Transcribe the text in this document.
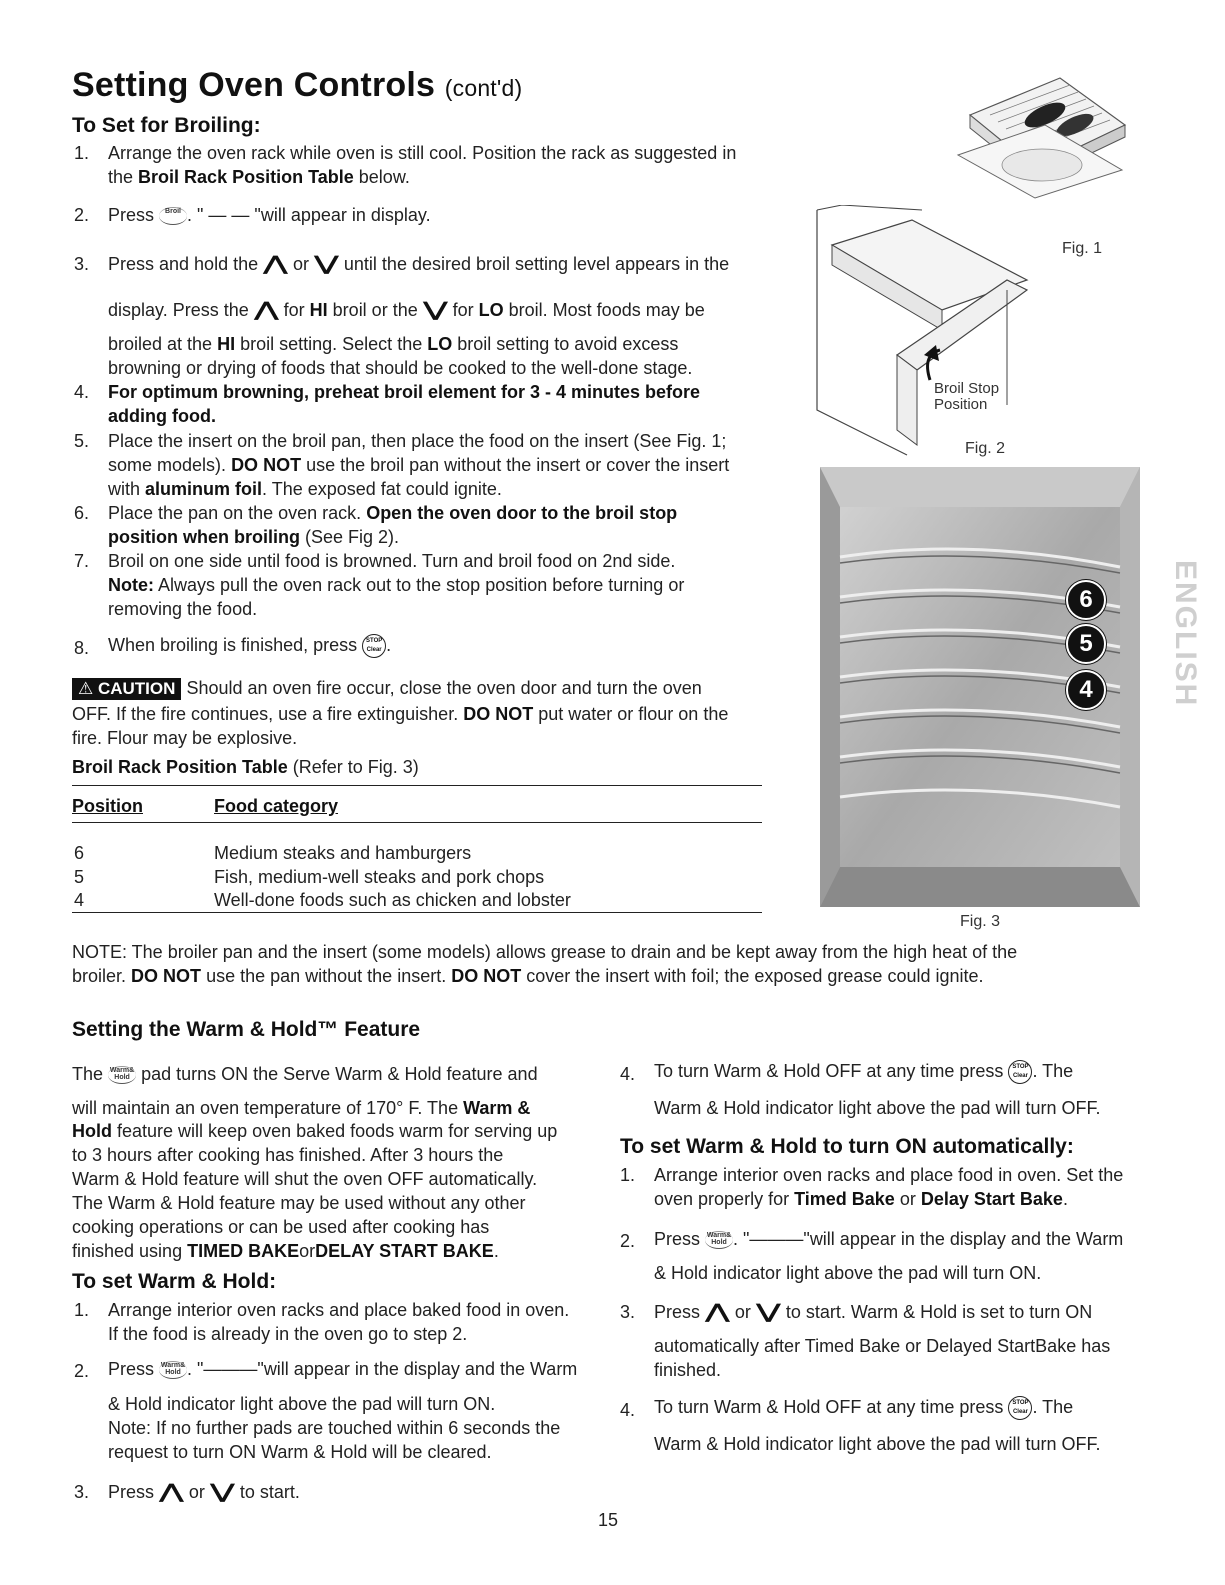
Setting Oven Controls (cont'd)
To Set for Broiling:
1. Arrange the oven rack while oven is still cool. Position the rack as suggested in
the Broil Rack Position Table below.
2. Press Broil . " — — "will appear in display.
3. Press and hold the ⋀ or ⋁ until the desired broil setting level appears in the
display. Press the ⋀ for HI broil or the ⋁ for LO broil. Most foods may be
broiled at the HI broil setting. Select the LO broil setting to avoid excess
browning or drying of foods that should be cooked to the well-done stage.
4. For optimum browning, preheat broil element for 3 - 4 minutes before
adding food.
5. Place the insert on the broil pan, then place the food on the insert (See Fig. 1;
some models). DO NOT use the broil pan without the insert or cover the insert
with aluminum foil. The exposed fat could ignite.
6. Place the pan on the oven rack. Open the oven door to the broil stop
position when broiling (See Fig 2).
7. Broil on one side until food is browned. Turn and broil food on 2nd side.
Note: Always pull the oven rack out to the stop position before turning or
removing the food.
8. When broiling is finished, press STOP
Clear .
⚠ CAUTION Should an oven fire occur, close the oven door and turn the oven
OFF. If the fire continues, use a fire extinguisher. DO NOT put water or flour on the
fire. Flour may be explosive.
Broil Rack Position Table (Refer to Fig. 3)
Position	Food category
6	Medium steaks and hamburgers
5	Fish, medium-well steaks and pork chops
4	Well-done foods such as chicken and lobster
Fig. 1
Broil Stop
Position
Fig. 2
6
5
4
Fig. 3
ENGLISH
NOTE: The broiler pan and the insert (some models) allows grease to drain and be kept away from the high heat of the
broiler. DO NOT use the pan without the insert. DO NOT cover the insert with foil; the exposed grease could ignite.
Setting the Warm & Hold™ Feature
The Warm&
Hold pad turns ON the Serve Warm & Hold feature and
will maintain an oven temperature of 170° F. The Warm &
Hold feature will keep oven baked foods warm for serving up
to 3 hours after cooking has finished. After 3 hours the
Warm & Hold feature will shut the oven OFF automatically.
The Warm & Hold feature may be used without any other
cooking operations or can be used after cooking has
finished using TIMED BAKEorDELAY START BAKE.
To set Warm & Hold:
1. Arrange interior oven racks and place baked food in oven.
If the food is already in the oven go to step 2.
2. Press Warm&
Hold . "———"will appear in the display and the Warm
& Hold indicator light above the pad will turn ON.
Note: If no further pads are touched within 6 seconds the
request to turn ON Warm & Hold will be cleared.
3. Press ⋀ or ⋁ to start.
4. To turn Warm & Hold OFF at any time press STOP
Clear . The
Warm & Hold indicator light above the pad will turn OFF.
To set Warm & Hold to turn ON automatically:
1. Arrange interior oven racks and place food in oven. Set the
oven properly for Timed Bake or Delay Start Bake.
2. Press Warm&
Hold . "———"will appear in the display and the Warm
& Hold indicator light above the pad will turn ON.
3. Press ⋀ or ⋁ to start. Warm & Hold is set to turn ON
automatically after Timed Bake or Delayed StartBake has
finished.
4. To turn Warm & Hold OFF at any time press STOP
Clear . The
Warm & Hold indicator light above the pad will turn OFF.
15
